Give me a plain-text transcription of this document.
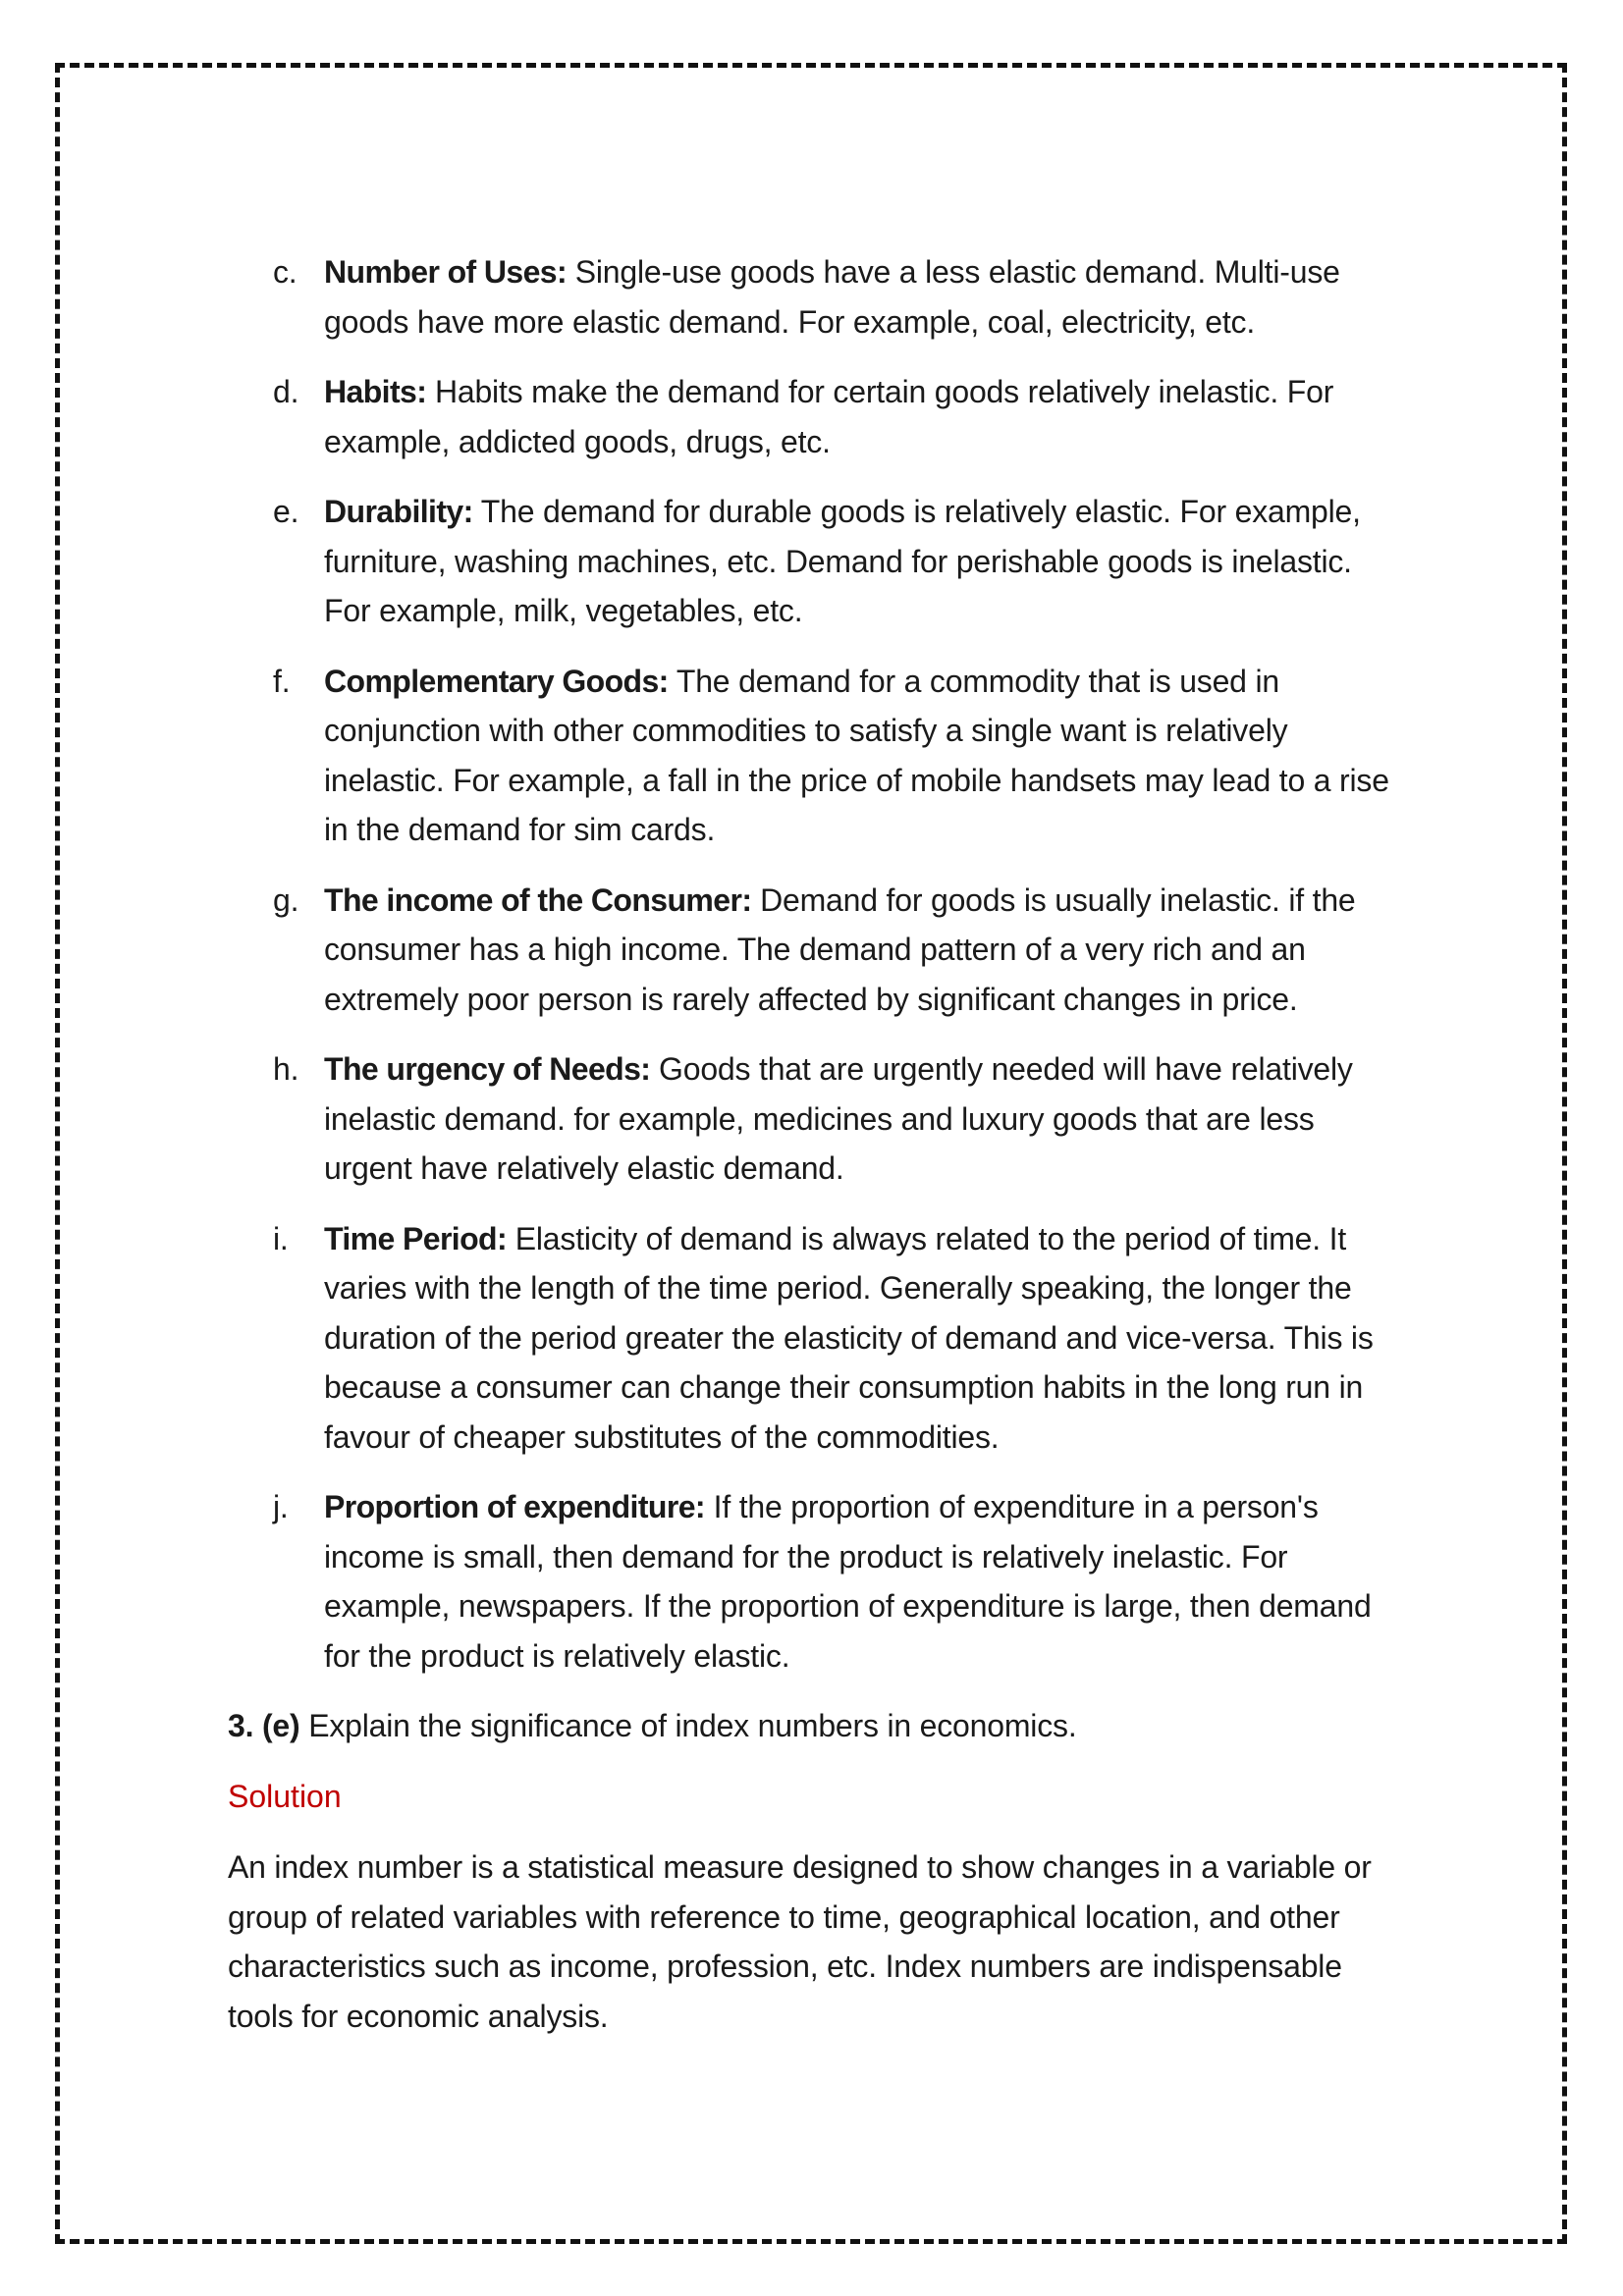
c. Number of Uses: Single-use goods have a less elastic demand. Multi-use goods have more elastic demand. For example, coal, electricity, etc.
d. Habits: Habits make the demand for certain goods relatively inelastic. For example, addicted goods, drugs, etc.
e. Durability: The demand for durable goods is relatively elastic. For example, furniture, washing machines, etc. Demand for perishable goods is inelastic. For example, milk, vegetables, etc.
f. Complementary Goods: The demand for a commodity that is used in conjunction with other commodities to satisfy a single want is relatively inelastic. For example, a fall in the price of mobile handsets may lead to a rise in the demand for sim cards.
g. The income of the Consumer: Demand for goods is usually inelastic. if the consumer has a high income. The demand pattern of a very rich and an extremely poor person is rarely affected by significant changes in price.
h. The urgency of Needs: Goods that are urgently needed will have relatively inelastic demand. for example, medicines and luxury goods that are less urgent have relatively elastic demand.
i. Time Period: Elasticity of demand is always related to the period of time. It varies with the length of the time period. Generally speaking, the longer the duration of the period greater the elasticity of demand and vice-versa. This is because a consumer can change their consumption habits in the long run in favour of cheaper substitutes of the commodities.
j. Proportion of expenditure: If the proportion of expenditure in a person's income is small, then demand for the product is relatively inelastic. For example, newspapers. If the proportion of expenditure is large, then demand for the product is relatively elastic.
3. (e) Explain the significance of index numbers in economics.
Solution
An index number is a statistical measure designed to show changes in a variable or group of related variables with reference to time, geographical location, and other characteristics such as income, profession, etc. Index numbers are indispensable tools for economic analysis.
